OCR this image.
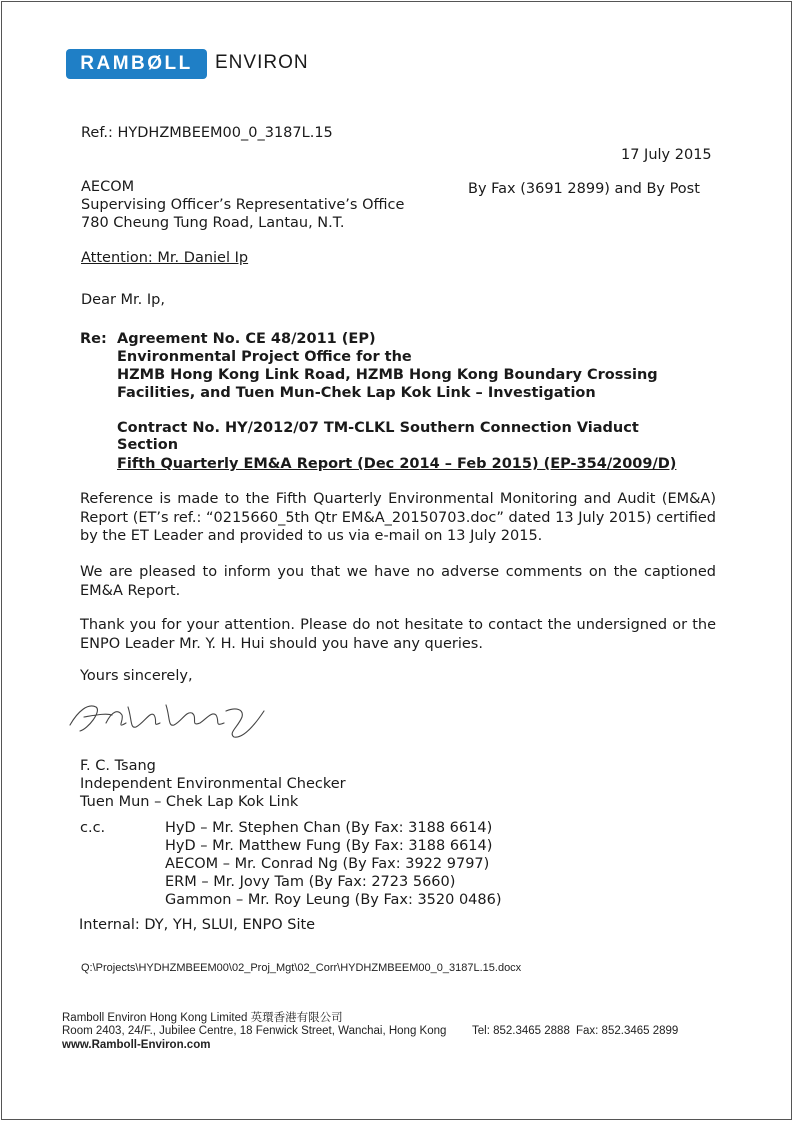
RAMBØLL ENVIRON
Ref.: HYDHZMBEEM00_0_3187L.15
17 July 2015
AECOM
Supervising Officer’s Representative’s Office
780 Cheung Tung Road, Lantau, N.T.
By Fax (3691 2899) and By Post
Attention: Mr. Daniel Ip
Dear Mr. Ip,
Re: Agreement No. CE 48/2011 (EP)
Environmental Project Office for the
HZMB Hong Kong Link Road, HZMB Hong Kong Boundary Crossing
Facilities, and Tuen Mun-Chek Lap Kok Link – Investigation
Contract No. HY/2012/07 TM-CLKL Southern Connection Viaduct
Section
Fifth Quarterly EM&A Report (Dec 2014 – Feb 2015) (EP-354/2009/D)
Reference is made to the Fifth Quarterly Environmental Monitoring and Audit (EM&A) Report (ET’s ref.: “0215660_5th Qtr EM&A_20150703.doc” dated 13 July 2015) certified by the ET Leader and provided to us via e-mail on 13 July 2015.
We are pleased to inform you that we have no adverse comments on the captioned EM&A Report.
Thank you for your attention. Please do not hesitate to contact the undersigned or the ENPO Leader Mr. Y. H. Hui should you have any queries.
Yours sincerely,
F. C. Tsang
Independent Environmental Checker
Tuen Mun – Chek Lap Kok Link
c.c.	HyD – Mr. Stephen Chan (By Fax: 3188 6614)
HyD – Mr. Matthew Fung (By Fax: 3188 6614)
AECOM – Mr. Conrad Ng (By Fax: 3922 9797)
ERM – Mr. Jovy Tam (By Fax: 2723 5660)
Gammon – Mr. Roy Leung (By Fax: 3520 0486)
Internal: DY, YH, SLUI, ENPO Site
Q:\Projects\HYDHZMBEEM00\02_Proj_Mgt\02_Corr\HYDHZMBEEM00_0_3187L.15.docx
Ramboll Environ Hong Kong Limited 英環香港有限公司
Room 2403, 24/F., Jubilee Centre, 18 Fenwick Street, Wanchai, Hong Kong Tel: 852.3465 2888 Fax: 852.3465 2899
www.Ramboll-Environ.com
